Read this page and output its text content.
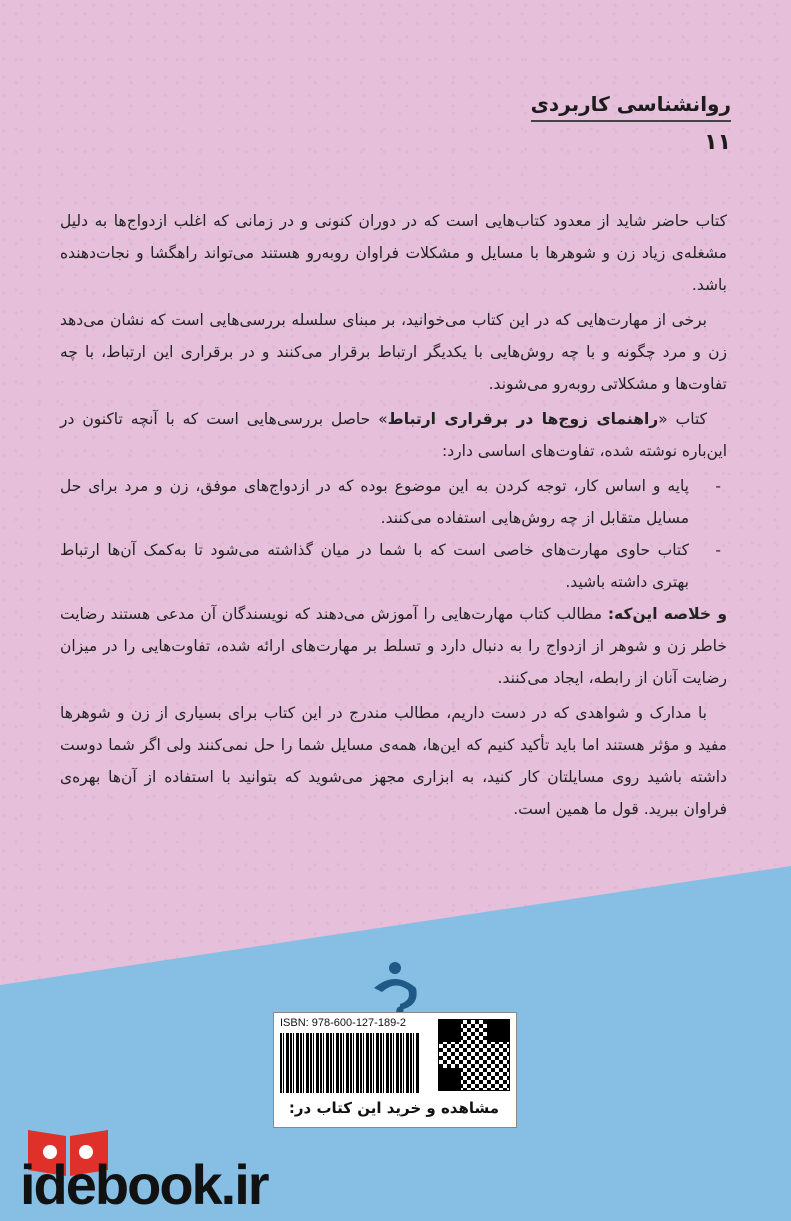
روانشناسی کاربردی
۱۱

کتاب حاضر شاید از معدود کتاب‌هایی است که در دوران کنونی و در زمانی که اغلب ازدواج‌ها به دلیل مشغله‌ی زیاد زن و شوهرها با مسایل و مشکلات فراوان روبه‌رو هستند می‌تواند راهگشا و نجات‌دهنده باشد.

برخی از مهارت‌هایی که در این کتاب می‌خوانید، بر مبنای سلسله بررسی‌هایی است که نشان می‌دهد زن و مرد چگونه و با چه روش‌هایی با یکدیگر ارتباط برقرار می‌کنند و در برقراری این ارتباط، با چه تفاوت‌ها و مشکلاتی روبه‌رو می‌شوند.

کتاب «راهنمای زوج‌ها در برقراری ارتباط» حاصل بررسی‌هایی است که با آنچه تاکنون در این‌باره نوشته شده، تفاوت‌های اساسی دارد:

-
پایه و اساس کار، توجه کردن به این موضوع بوده که در ازدواج‌های موفق، زن و مرد برای حل مسایل متقابل از چه روش‌هایی استفاده می‌کنند.
-
کتاب حاوی مهارت‌های خاصی است که با شما در میان گذاشته می‌شود تا به‌کمک آن‌ها ارتباط بهتری داشته باشید.

و خلاصه این‌که: مطالب کتاب مهارت‌هایی را آموزش می‌دهند که نویسندگان آن مدعی هستند رضایت خاطر زن و شوهر از ازدواج را به دنبال دارد و تسلط بر مهارت‌های ارائه شده، تفاوت‌هایی را در میزان رضایت آنان از رابطه، ایجاد می‌کنند.

با مدارک و شواهدی که در دست داریم، مطالب مندرج در این کتاب برای بسیاری از زن و شوهرها مفید و مؤثر هستند اما باید تأکید کنیم که این‌ها، همه‌ی مسایل شما را حل نمی‌کنند ولی اگر شما دوست داشته باشید روی مسایلتان کار کنید، به ابزاری مجهز می‌شوید که بتوانید با استفاده از آن‌ها بهره‌ی فراوان ببرید. قول ما همین است.

ISBN: 978-600-127-189-2
مشاهده و خرید این کتاب در:
idebook.ir
